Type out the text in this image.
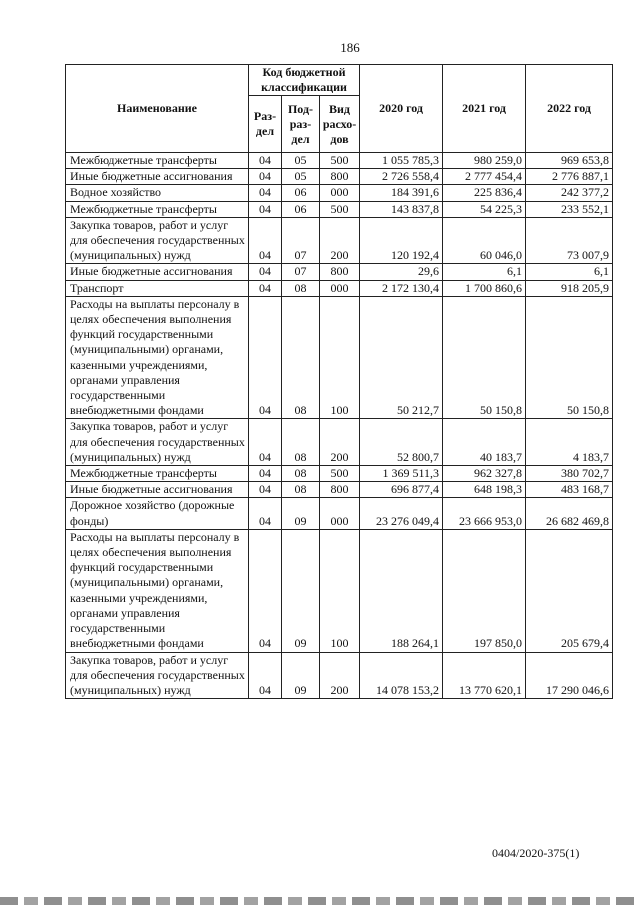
186
Наименование	Код бюджетной классификации			2020 год	2021 год	2022 год
	Раз-дел	Под-раз-дел	Вид расхо-дов			
Межбюджетные трансферты	04	05	500	1 055 785,3	980 259,0	969 653,8
Иные бюджетные ассигнования	04	05	800	2 726 558,4	2 777 454,4	2 776 887,1
Водное хозяйство	04	06	000	184 391,6	225 836,4	242 377,2
Межбюджетные трансферты	04	06	500	143 837,8	54 225,3	233 552,1
Закупка товаров, работ и услуг для обеспечения государственных (муниципальных) нужд	04	07	200	120 192,4	60 046,0	73 007,9
Иные бюджетные ассигнования	04	07	800	29,6	6,1	6,1
Транспорт	04	08	000	2 172 130,4	1 700 860,6	918 205,9
Расходы на выплаты персоналу в целях обеспечения выполнения функций государственными (муниципальными) органами, казенными учреждениями, органами управления государственными внебюджетными фондами	04	08	100	50 212,7	50 150,8	50 150,8
Закупка товаров, работ и услуг для обеспечения государственных (муниципальных) нужд	04	08	200	52 800,7	40 183,7	4 183,7
Межбюджетные трансферты	04	08	500	1 369 511,3	962 327,8	380 702,7
Иные бюджетные ассигнования	04	08	800	696 877,4	648 198,3	483 168,7
Дорожное хозяйство (дорожные фонды)	04	09	000	23 276 049,4	23 666 953,0	26 682 469,8
Расходы на выплаты персоналу в целях обеспечения выполнения функций государственными (муниципальными) органами, казенными учреждениями, органами управления государственными внебюджетными фондами	04	09	100	188 264,1	197 850,0	205 679,4
Закупка товаров, работ и услуг для обеспечения государственных (муниципальных) нужд	04	09	200	14 078 153,2	13 770 620,1	17 290 046,6
0404/2020-375(1)
